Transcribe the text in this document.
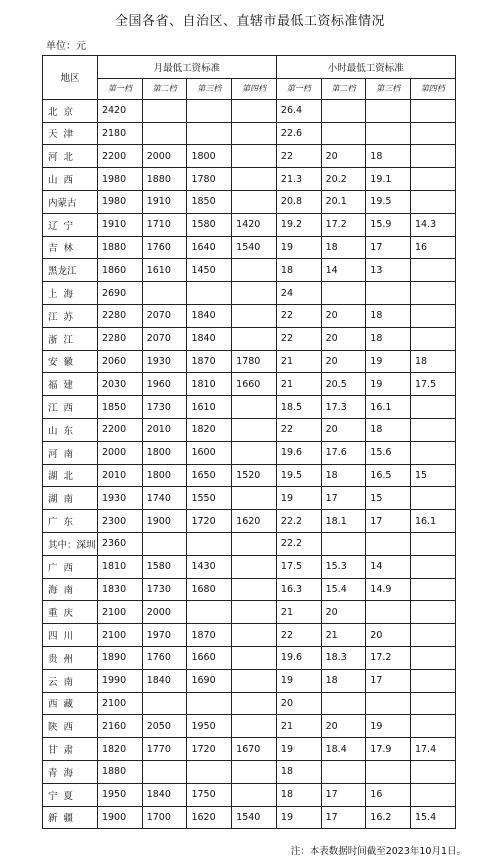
全国各省、自治区、直辖市最低工资标准情况
单位：元
地区	月最低工资标准				小时最低工资标准			
	第一档	第二档	第三档	第四档	第一档	第二档	第三档	第四档
北京	2420				26.4			
天津	2180				22.6			
河北	2200	2000	1800		22	20	18	
山西	1980	1880	1780		21.3	20.2	19.1	
内蒙古	1980	1910	1850		20.8	20.1	19.5	
辽宁	1910	1710	1580	1420	19.2	17.2	15.9	14.3
吉林	1880	1760	1640	1540	19	18	17	16
黑龙江	1860	1610	1450		18	14	13	
上海	2690				24			
江苏	2280	2070	1840		22	20	18	
浙江	2280	2070	1840		22	20	18	
安徽	2060	1930	1870	1780	21	20	19	18
福建	2030	1960	1810	1660	21	20.5	19	17.5
江西	1850	1730	1610		18.5	17.3	16.1	
山东	2200	2010	1820		22	20	18	
河南	2000	1800	1600		19.6	17.6	15.6	
湖北	2010	1800	1650	1520	19.5	18	16.5	15
湖南	1930	1740	1550		19	17	15	
广东	2300	1900	1720	1620	22.2	18.1	17	16.1
其中：深圳	2360				22.2			
广西	1810	1580	1430		17.5	15.3	14	
海南	1830	1730	1680		16.3	15.4	14.9	
重庆	2100	2000			21	20		
四川	2100	1970	1870		22	21	20	
贵州	1890	1760	1660		19.6	18.3	17.2	
云南	1990	1840	1690		19	18	17	
西藏	2100				20			
陕西	2160	2050	1950		21	20	19	
甘肃	1820	1770	1720	1670	19	18.4	17.9	17.4
青海	1880				18			
宁夏	1950	1840	1750		18	17	16	
新疆	1900	1700	1620	1540	19	17	16.2	15.4
注：本表数据时间截至2023年10月1日。
